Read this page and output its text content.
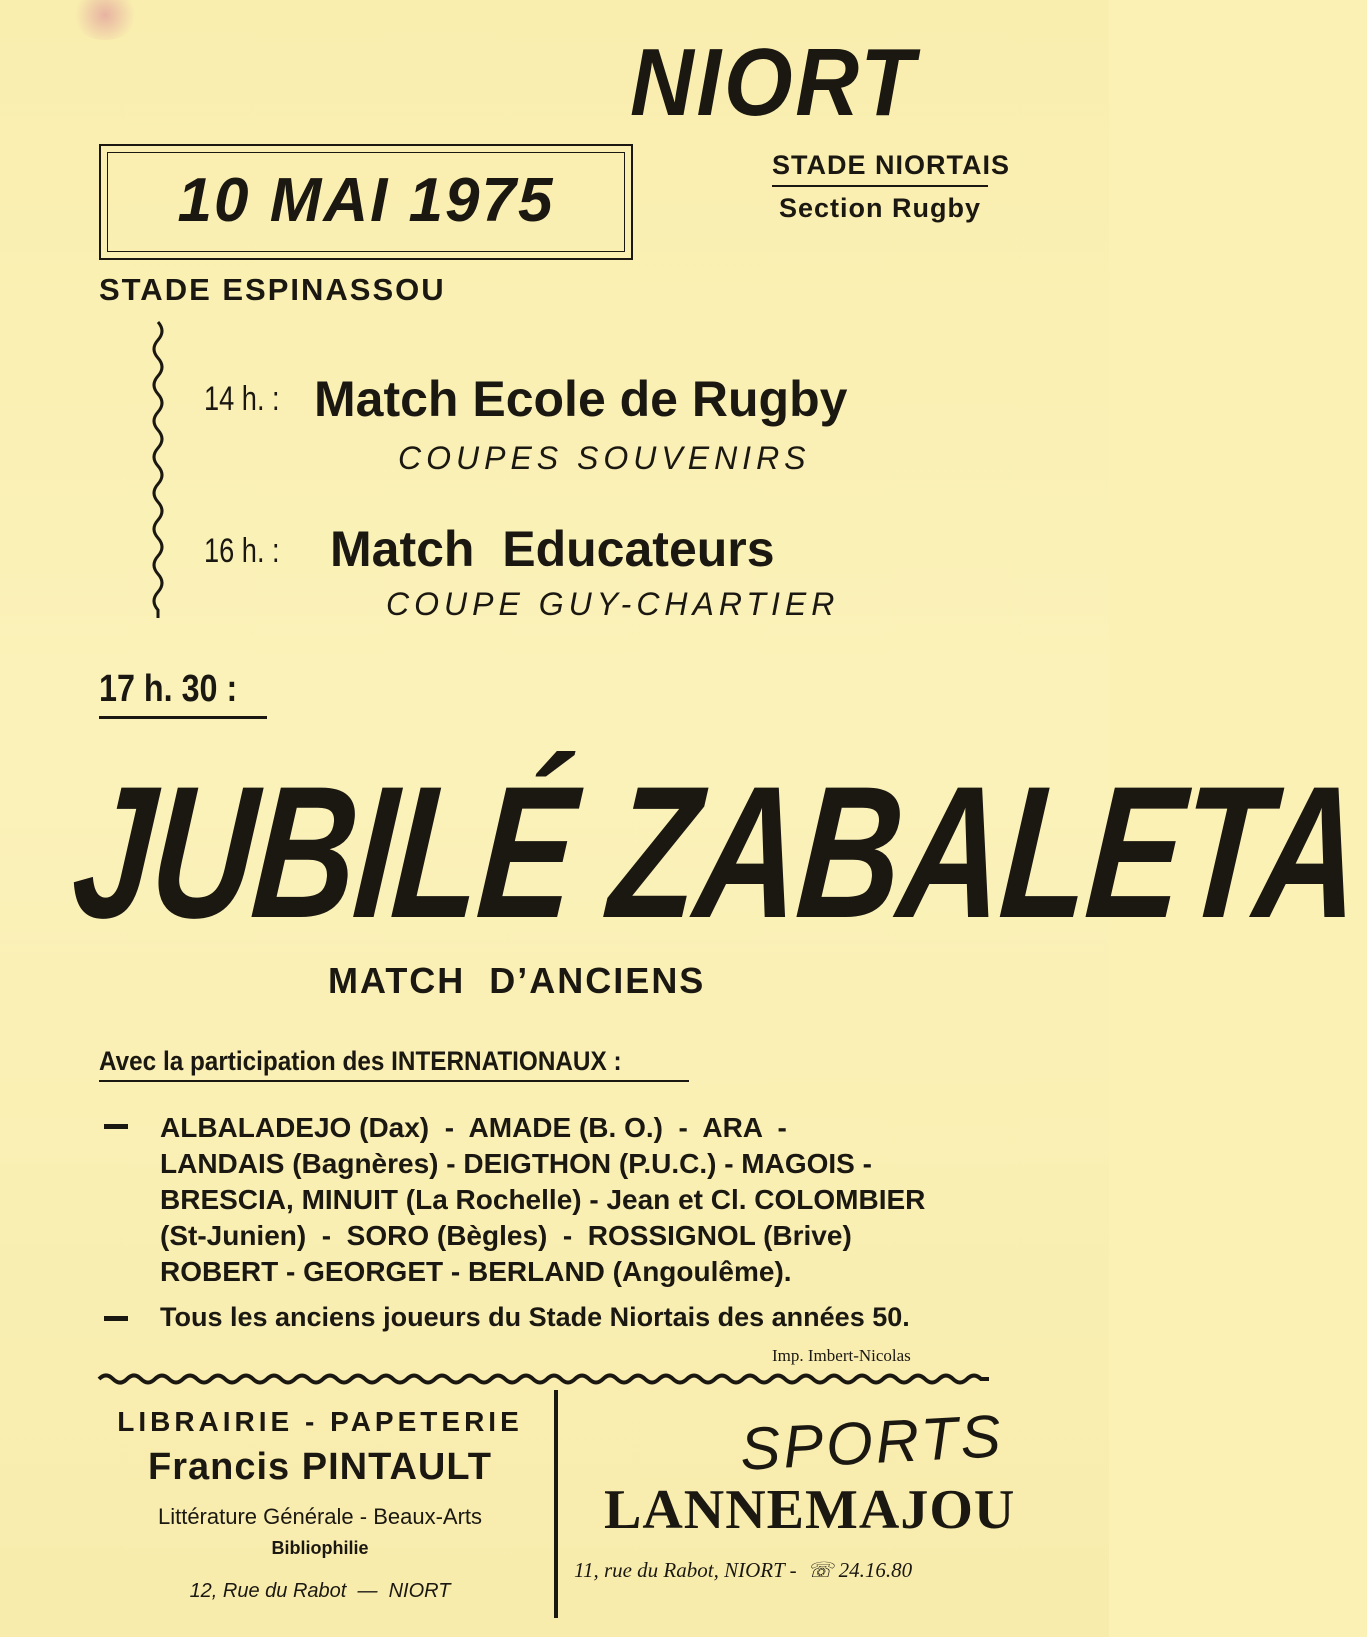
NIORT
STADE NIORTAIS
Section Rugby
10 MAI 1975
STADE ESPINASSOU
14 h. : Match Ecole de Rugby
COUPES SOUVENIRS
16 h. : Match  Educateurs
COUPE GUY-CHARTIER
17 h. 30 :
JUBILÉ ZABALETA
MATCH  D’ANCIENS
Avec la participation des INTERNATIONAUX :
ALBALADEJO (Dax)  -  AMADE (B. O.)  -  ARA  -
LANDAIS (Bagnères) - DEIGTHON (P.U.C.) - MAGOIS -
BRESCIA, MINUIT (La Rochelle) - Jean et Cl. COLOMBIER
(St-Junien)  -  SORO (Bègles)  -  ROSSIGNOL (Brive)
ROBERT - GEORGET - BERLAND (Angoulême).
Tous les anciens joueurs du Stade Niortais des années 50.
Imp. Imbert-Nicolas
LIBRAIRIE - PAPETERIE
Francis PINTAULT
Littérature Générale - Beaux-Arts
Bibliophilie
12, Rue du Rabot  —  NIORT
SPORTS
LANNEMAJOU
11, rue du Rabot, NIORT -  ☏ 24.16.80
